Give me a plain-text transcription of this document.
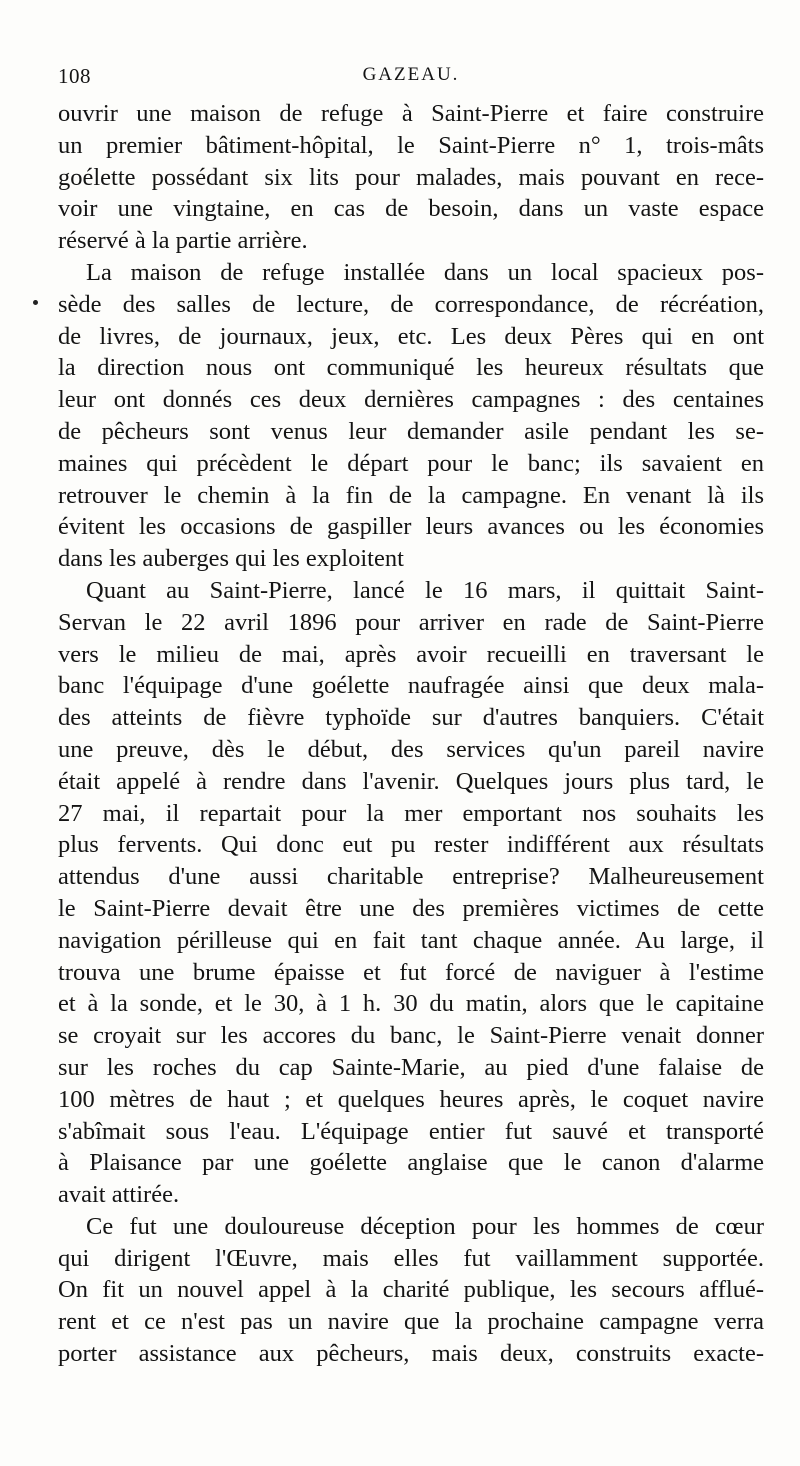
108	GAZEAU.
ouvrir une maison de refuge à Saint-Pierre et faire construire
un premier bâtiment-hôpital, le Saint-Pierre n° 1, trois-mâts
goélette possédant six lits pour malades, mais pouvant en rece-
voir une vingtaine, en cas de besoin, dans un vaste espace
réservé à la partie arrière.
La maison de refuge installée dans un local spacieux pos-
sède des salles de lecture, de correspondance, de récréation,
de livres, de journaux, jeux, etc. Les deux Pères qui en ont
la direction nous ont communiqué les heureux résultats que
leur ont donnés ces deux dernières campagnes : des centaines
de pêcheurs sont venus leur demander asile pendant les se-
maines qui précèdent le départ pour le banc; ils savaient en
retrouver le chemin à la fin de la campagne. En venant là ils
évitent les occasions de gaspiller leurs avances ou les économies
dans les auberges qui les exploitent
Quant au Saint-Pierre, lancé le 16 mars, il quittait Saint-
Servan le 22 avril 1896 pour arriver en rade de Saint-Pierre
vers le milieu de mai, après avoir recueilli en traversant le
banc l'équipage d'une goélette naufragée ainsi que deux mala-
des atteints de fièvre typhoïde sur d'autres banquiers. C'était
une preuve, dès le début, des services qu'un pareil navire
était appelé à rendre dans l'avenir. Quelques jours plus tard, le
27 mai, il repartait pour la mer emportant nos souhaits les
plus fervents. Qui donc eut pu rester indifférent aux résultats
attendus d'une aussi charitable entreprise? Malheureusement
le Saint-Pierre devait être une des premières victimes de cette
navigation périlleuse qui en fait tant chaque année. Au large, il
trouva une brume épaisse et fut forcé de naviguer à l'estime
et à la sonde, et le 30, à 1 h. 30 du matin, alors que le capitaine
se croyait sur les accores du banc, le Saint-Pierre venait donner
sur les roches du cap Sainte-Marie, au pied d'une falaise de
100 mètres de haut ; et quelques heures après, le coquet navire
s'abîmait sous l'eau. L'équipage entier fut sauvé et transporté
à Plaisance par une goélette anglaise que le canon d'alarme
avait attirée.
Ce fut une douloureuse déception pour les hommes de cœur
qui dirigent l'Œuvre, mais elles fut vaillamment supportée.
On fit un nouvel appel à la charité publique, les secours afflué-
rent et ce n'est pas un navire que la prochaine campagne verra
porter assistance aux pêcheurs, mais deux, construits exacte-
